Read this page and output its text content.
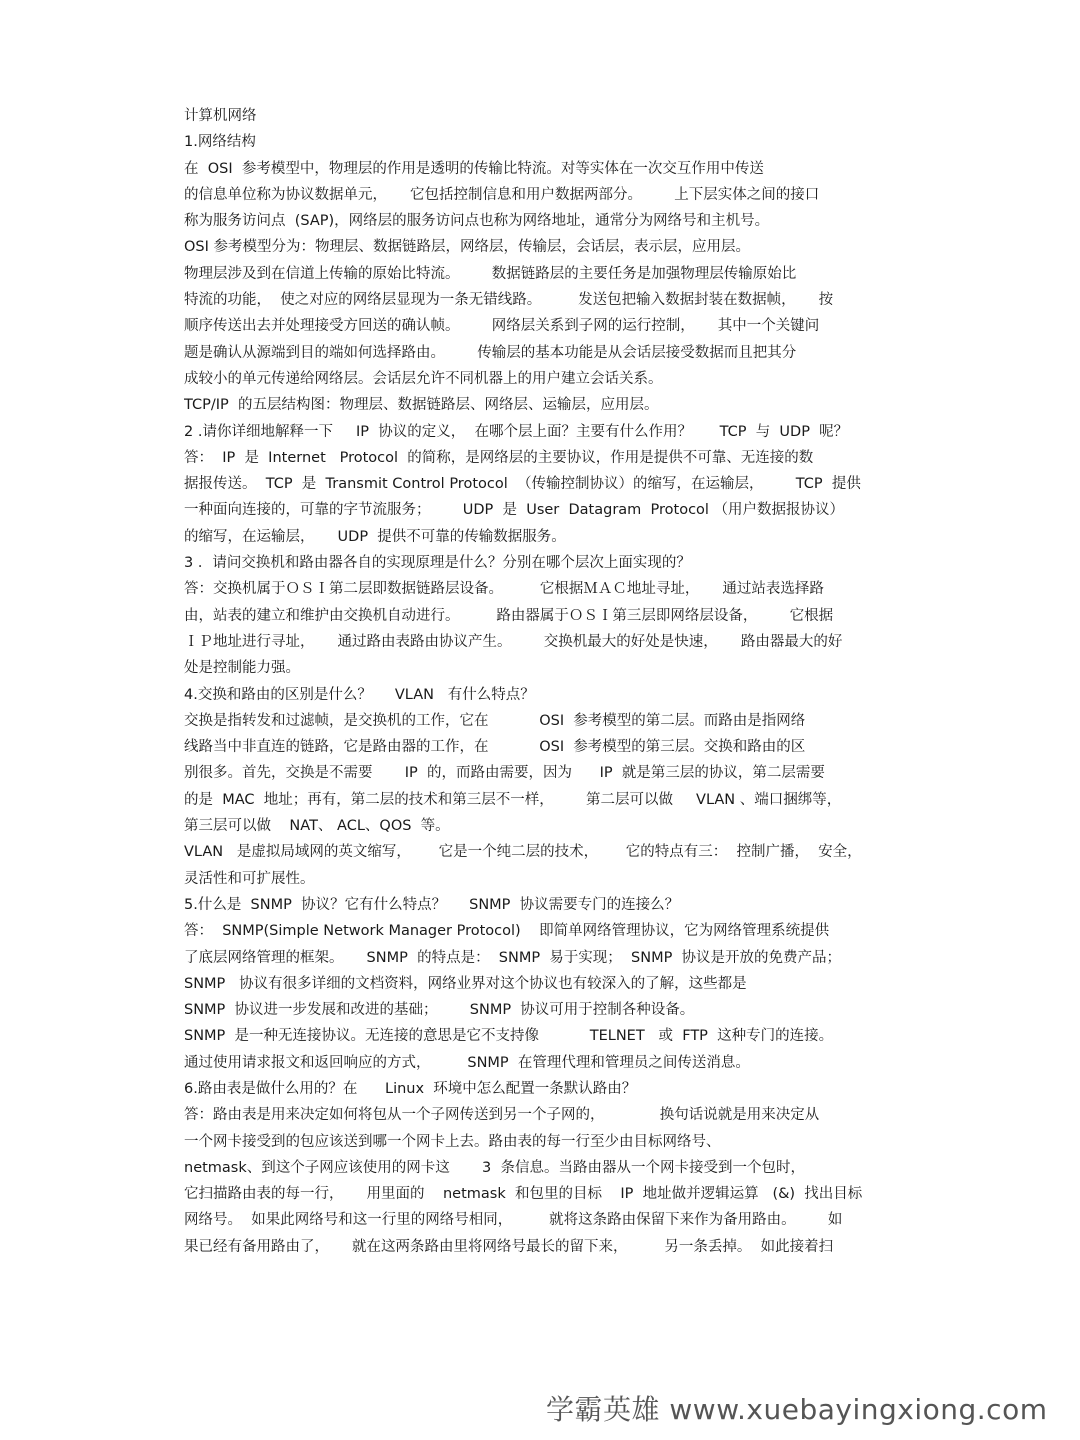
计算机网络
1.网络结构
在  OSI  参考模型中，物理层的作用是透明的传输比特流。对等实体在一次交互作用中传送
的信息单位称为协议数据单元，     它包括控制信息和用户数据两部分。       上下层实体之间的接口
称为服务访问点  (SAP)，网络层的服务访问点也称为网络地址，通常分为网络号和主机号。
OSI 参考模型分为：物理层、数据链路层，网络层，传输层，会话层，表示层，应用层。
物理层涉及到在信道上传输的原始比特流。       数据链路层的主要任务是加强物理层传输原始比
特流的功能，  使之对应的网络层显现为一条无错线路。        发送包把输入数据封装在数据帧，     按
顺序传送出去并处理接受方回送的确认帧。       网络层关系到子网的运行控制，     其中一个关键问
题是确认从源端到目的端如何选择路由。       传输层的基本功能是从会话层接受数据而且把其分
成较小的单元传递给网络层。会话层允许不同机器上的用户建立会话关系。
TCP/IP  的五层结构图：物理层、数据链路层、网络层、运输层，应用层。
2 .请你详细地解释一下     IP  协议的定义，  在哪个层上面？主要有什么作用？      TCP  与  UDP  呢？
答：  IP  是  Internet   Protocol  的简称，是网络层的主要协议，作用是提供不可靠、无连接的数
据报传送。  TCP  是  Transmit Control Protocol  （传输控制协议）的缩写，在运输层，       TCP  提供
一种面向连接的，可靠的字节流服务；       UDP  是  User  Datagram  Protocol （用户数据报协议）
的缩写，在运输层，     UDP  提供不可靠的传输数据服务。
3 ．请问交换机和路由器各自的实现原理是什么？分别在哪个层次上面实现的？
答：交换机属于ＯＳＩ第二层即数据链路层设备。        它根据ＭＡＣ地址寻址，     通过站表选择路
由，站表的建立和维护由交换机自动进行。        路由器属于ＯＳＩ第三层即网络层设备，       它根据
ＩＰ地址进行寻址，     通过路由表路由协议产生。       交换机最大的好处是快速，     路由器最大的好
处是控制能力强。
4.交换和路由的区别是什么？     VLAN   有什么特点？
交换是指转发和过滤帧，是交换机的工作，它在           OSI  参考模型的第二层。而路由是指网络
线路当中非直连的链路，它是路由器的工作，在           OSI  参考模型的第三层。交换和路由的区
别很多。首先，交换是不需要       IP  的，而路由需要，因为      IP  就是第三层的协议，第二层需要
的是  MAC  地址；再有，第二层的技术和第三层不一样，       第二层可以做     VLAN 、端口捆绑等，
第三层可以做    NAT、 ACL、QOS  等。
VLAN   是虚拟局域网的英文缩写，      它是一个纯二层的技术，      它的特点有三：  控制广播，  安全，
灵活性和可扩展性。
5.什么是  SNMP  协议？它有什么特点？     SNMP  协议需要专门的连接么？
答：  SNMP(Simple Network Manager Protocol)    即简单网络管理协议，它为网络管理系统提供
了底层网络管理的框架。     SNMP  的特点是：  SNMP  易于实现；  SNMP  协议是开放的免费产品；
SNMP   协议有很多详细的文档资料，网络业界对这个协议也有较深入的了解，这些都是
SNMP  协议进一步发展和改进的基础；       SNMP  协议可用于控制各种设备。
SNMP  是一种无连接协议。无连接的意思是它不支持像           TELNET   或  FTP  这种专门的连接。
通过使用请求报文和返回响应的方式，        SNMP  在管理代理和管理员之间传送消息。
6.路由表是做什么用的？在      Linux  环境中怎么配置一条默认路由？
答：路由表是用来决定如何将包从一个子网传送到另一个子网的，            换句话说就是用来决定从
一个网卡接受到的包应该送到哪一个网卡上去。路由表的每一行至少由目标网络号、
netmask、到这个子网应该使用的网卡这       3  条信息。当路由器从一个网卡接受到一个包时，
它扫描路由表的每一行，     用里面的    netmask  和包里的目标    IP  地址做并逻辑运算   (&)  找出目标
网络号。  如果此网络号和这一行里的网络号相同，        就将这条路由保留下来作为备用路由。       如
果已经有备用路由了，     就在这两条路由里将网络号最长的留下来，        另一条丢掉。  如此接着扫
学霸英雄 www.xuebayingxiong.com
